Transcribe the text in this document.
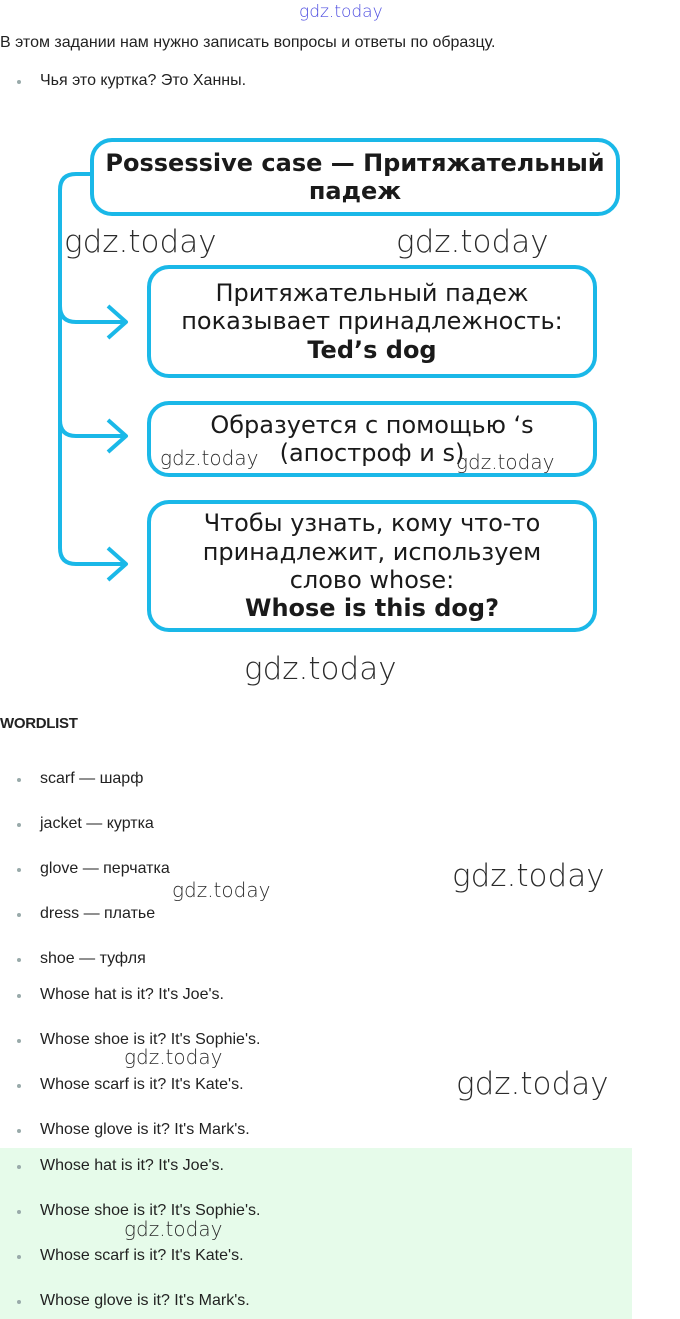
gdz.today
В этом задании нам нужно записать вопросы и ответы по образцу.
Чья это куртка? Это Ханны.
Possessive case — Притяжательный
падеж
Притяжательный падеж
показывает принадлежность:
Ted’s dog
Образуется с помощью ‘s
(апостроф и s)
Чтобы узнать, кому что-то
принадлежит, используем
слово whose:
Whose is this dog?
gdz.today	gdz.today
gdz.today	gdz.today
gdz.today
WORDLIST
scarf — шарф
jacket — куртка
glove — перчатка
dress — платье
shoe — туфля
Whose hat is it? It's Joe's.
Whose shoe is it? It's Sophie's.
Whose scarf is it? It's Kate's.
Whose glove is it? It's Mark's.
Whose hat is it? It's Joe's.
Whose shoe is it? It's Sophie's.
Whose scarf is it? It's Kate's.
Whose glove is it? It's Mark's.
gdz.today	gdz.today
gdz.today
gdz.today
gdz.today
